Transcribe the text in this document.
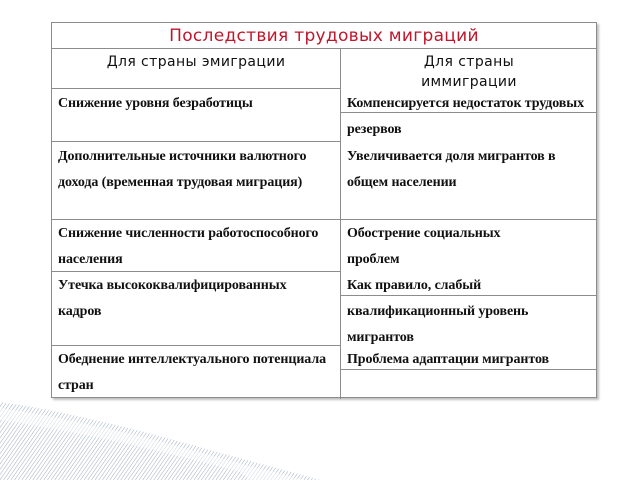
Последствия трудовых миграций
Для страны эмиграции	Для страны иммиграции
Снижение уровня безработицы
Дополнительные источники валютного дохода (временная трудовая миграция)
Снижение численности работоспособного населения
Утечка высококвалифицированных кадров
Обеднение интеллектуального потенциала стран
Компенсируется недостаток трудовых резервов
Увеличивается доля мигрантов в общем населении
Обострение социальных проблем
Как правило, слабый квалификационный уровень мигрантов
Проблема адаптации мигрантов
